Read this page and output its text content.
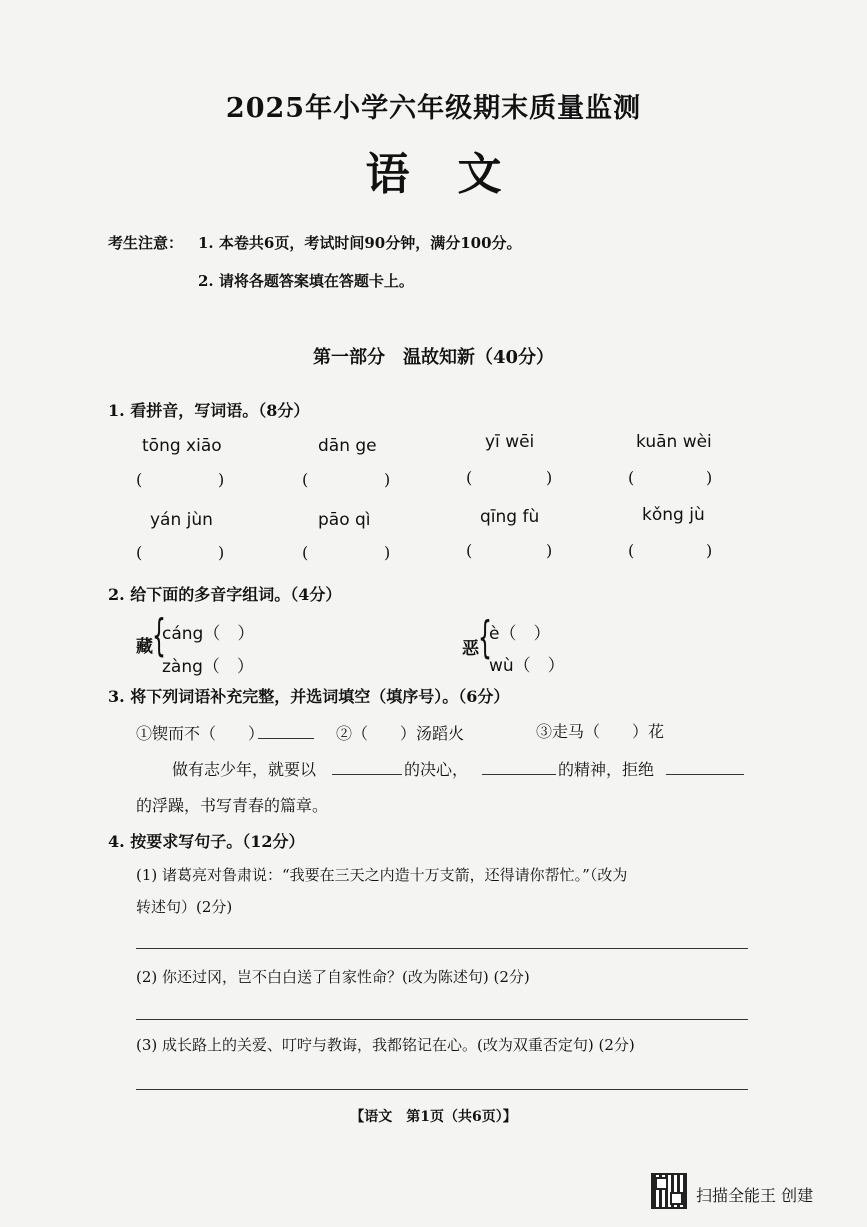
2025年小学六年级期末质量监测
语文
考生注意： 1. 本卷共6页，考试时间90分钟，满分100分。
2. 请将各题答案填在答题卡上。
第一部分　温故知新（40分）
1. 看拼音，写词语。（8分）
tōng xiāo	dān ge	yī wēi	kuān wèi
(	)	(	)	(	)	(	)
yán jùn	pāo qì	qīng fù	kǒng jù
(	)	(	)	(	)	(	)
2. 给下面的多音字组词。（4分）
藏 {
cáng（　）
zàng（　）
恶 {
è（　）
wù（　）
3. 将下列词语补充完整，并选词填空（填序号）。（6分）
①锲而不（　　）	②（　　）汤蹈火	③走马（　　）花
做有志少年，就要以	的决心，	的精神，拒绝
的浮躁，书写青春的篇章。
4. 按要求写句子。（12分）
(1) 诸葛亮对鲁肃说：“我要在三天之内造十万支箭，还得请你帮忙。”（改为
转述句）(2分)
(2) 你还过冈，岂不白白送了自家性命？(改为陈述句) (2分)
(3) 成长路上的关爱、叮咛与教诲，我都铭记在心。(改为双重否定句) (2分)
【语文　第1页（共6页）】
扫描全能王 创建
